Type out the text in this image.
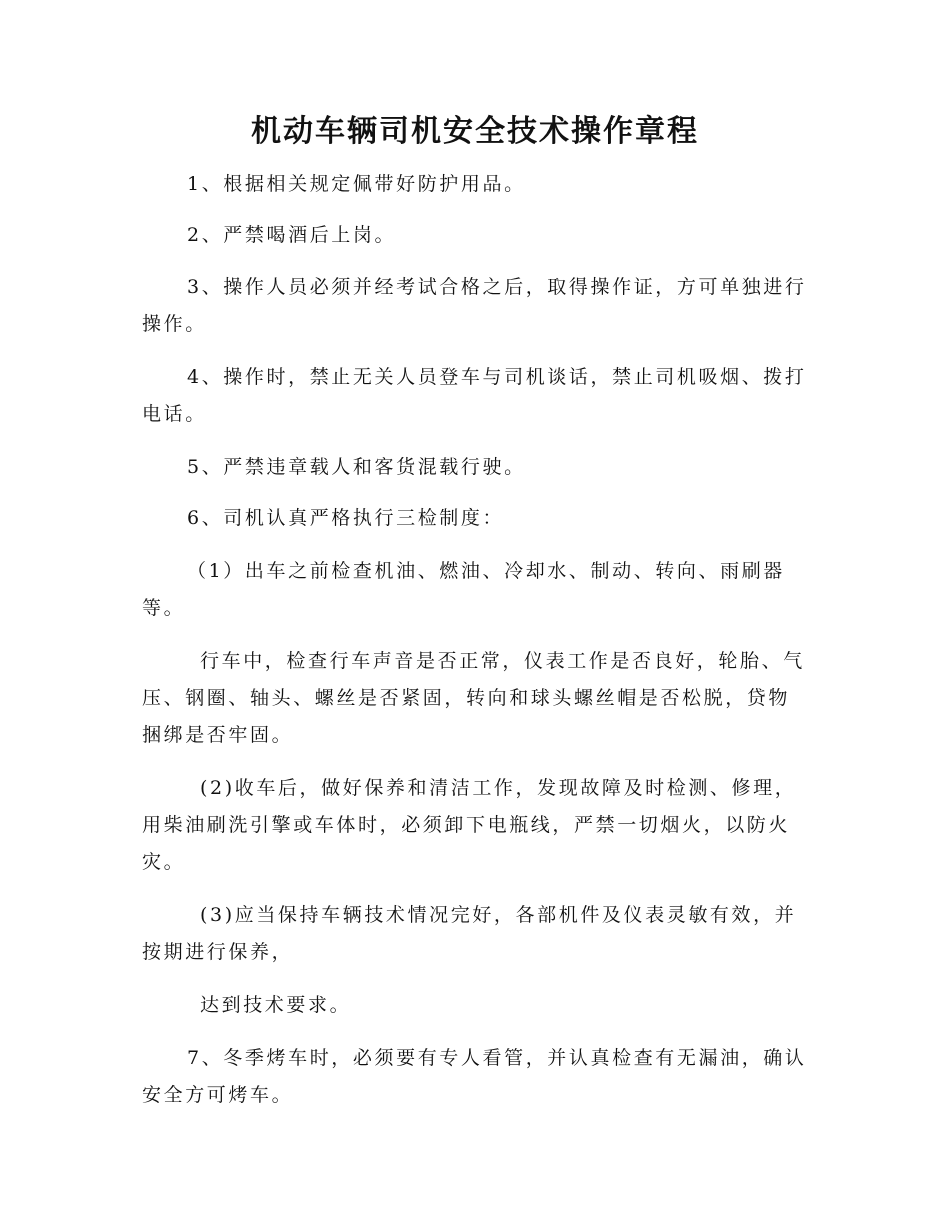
机动车辆司机安全技术操作章程
1、根据相关规定佩带好防护用品。
2、严禁喝酒后上岗。
3、操作人员必须并经考试合格之后，取得操作证，方可单独进行
操作。
4、操作时，禁止无关人员登车与司机谈话，禁止司机吸烟、拨打
电话。
5、严禁违章载人和客货混载行驶。
6、司机认真严格执行三检制度：
（1）出车之前检查机油、燃油、冷却水、制动、转向、雨刷器
等。
行车中，检查行车声音是否正常，仪表工作是否良好，轮胎、气
压、钢圈、轴头、螺丝是否紧固，转向和球头螺丝帽是否松脱，贷物
捆绑是否牢固。
(2)收车后，做好保养和清洁工作，发现故障及时检测、修理，
用柴油刷洗引擎或车体时，必须卸下电瓶线，严禁一切烟火，以防火
灾。
(3)应当保持车辆技术情况完好，各部机件及仪表灵敏有效，并
按期进行保养，
达到技术要求。
7、冬季烤车时，必须要有专人看管，并认真检查有无漏油，确认
安全方可烤车。
